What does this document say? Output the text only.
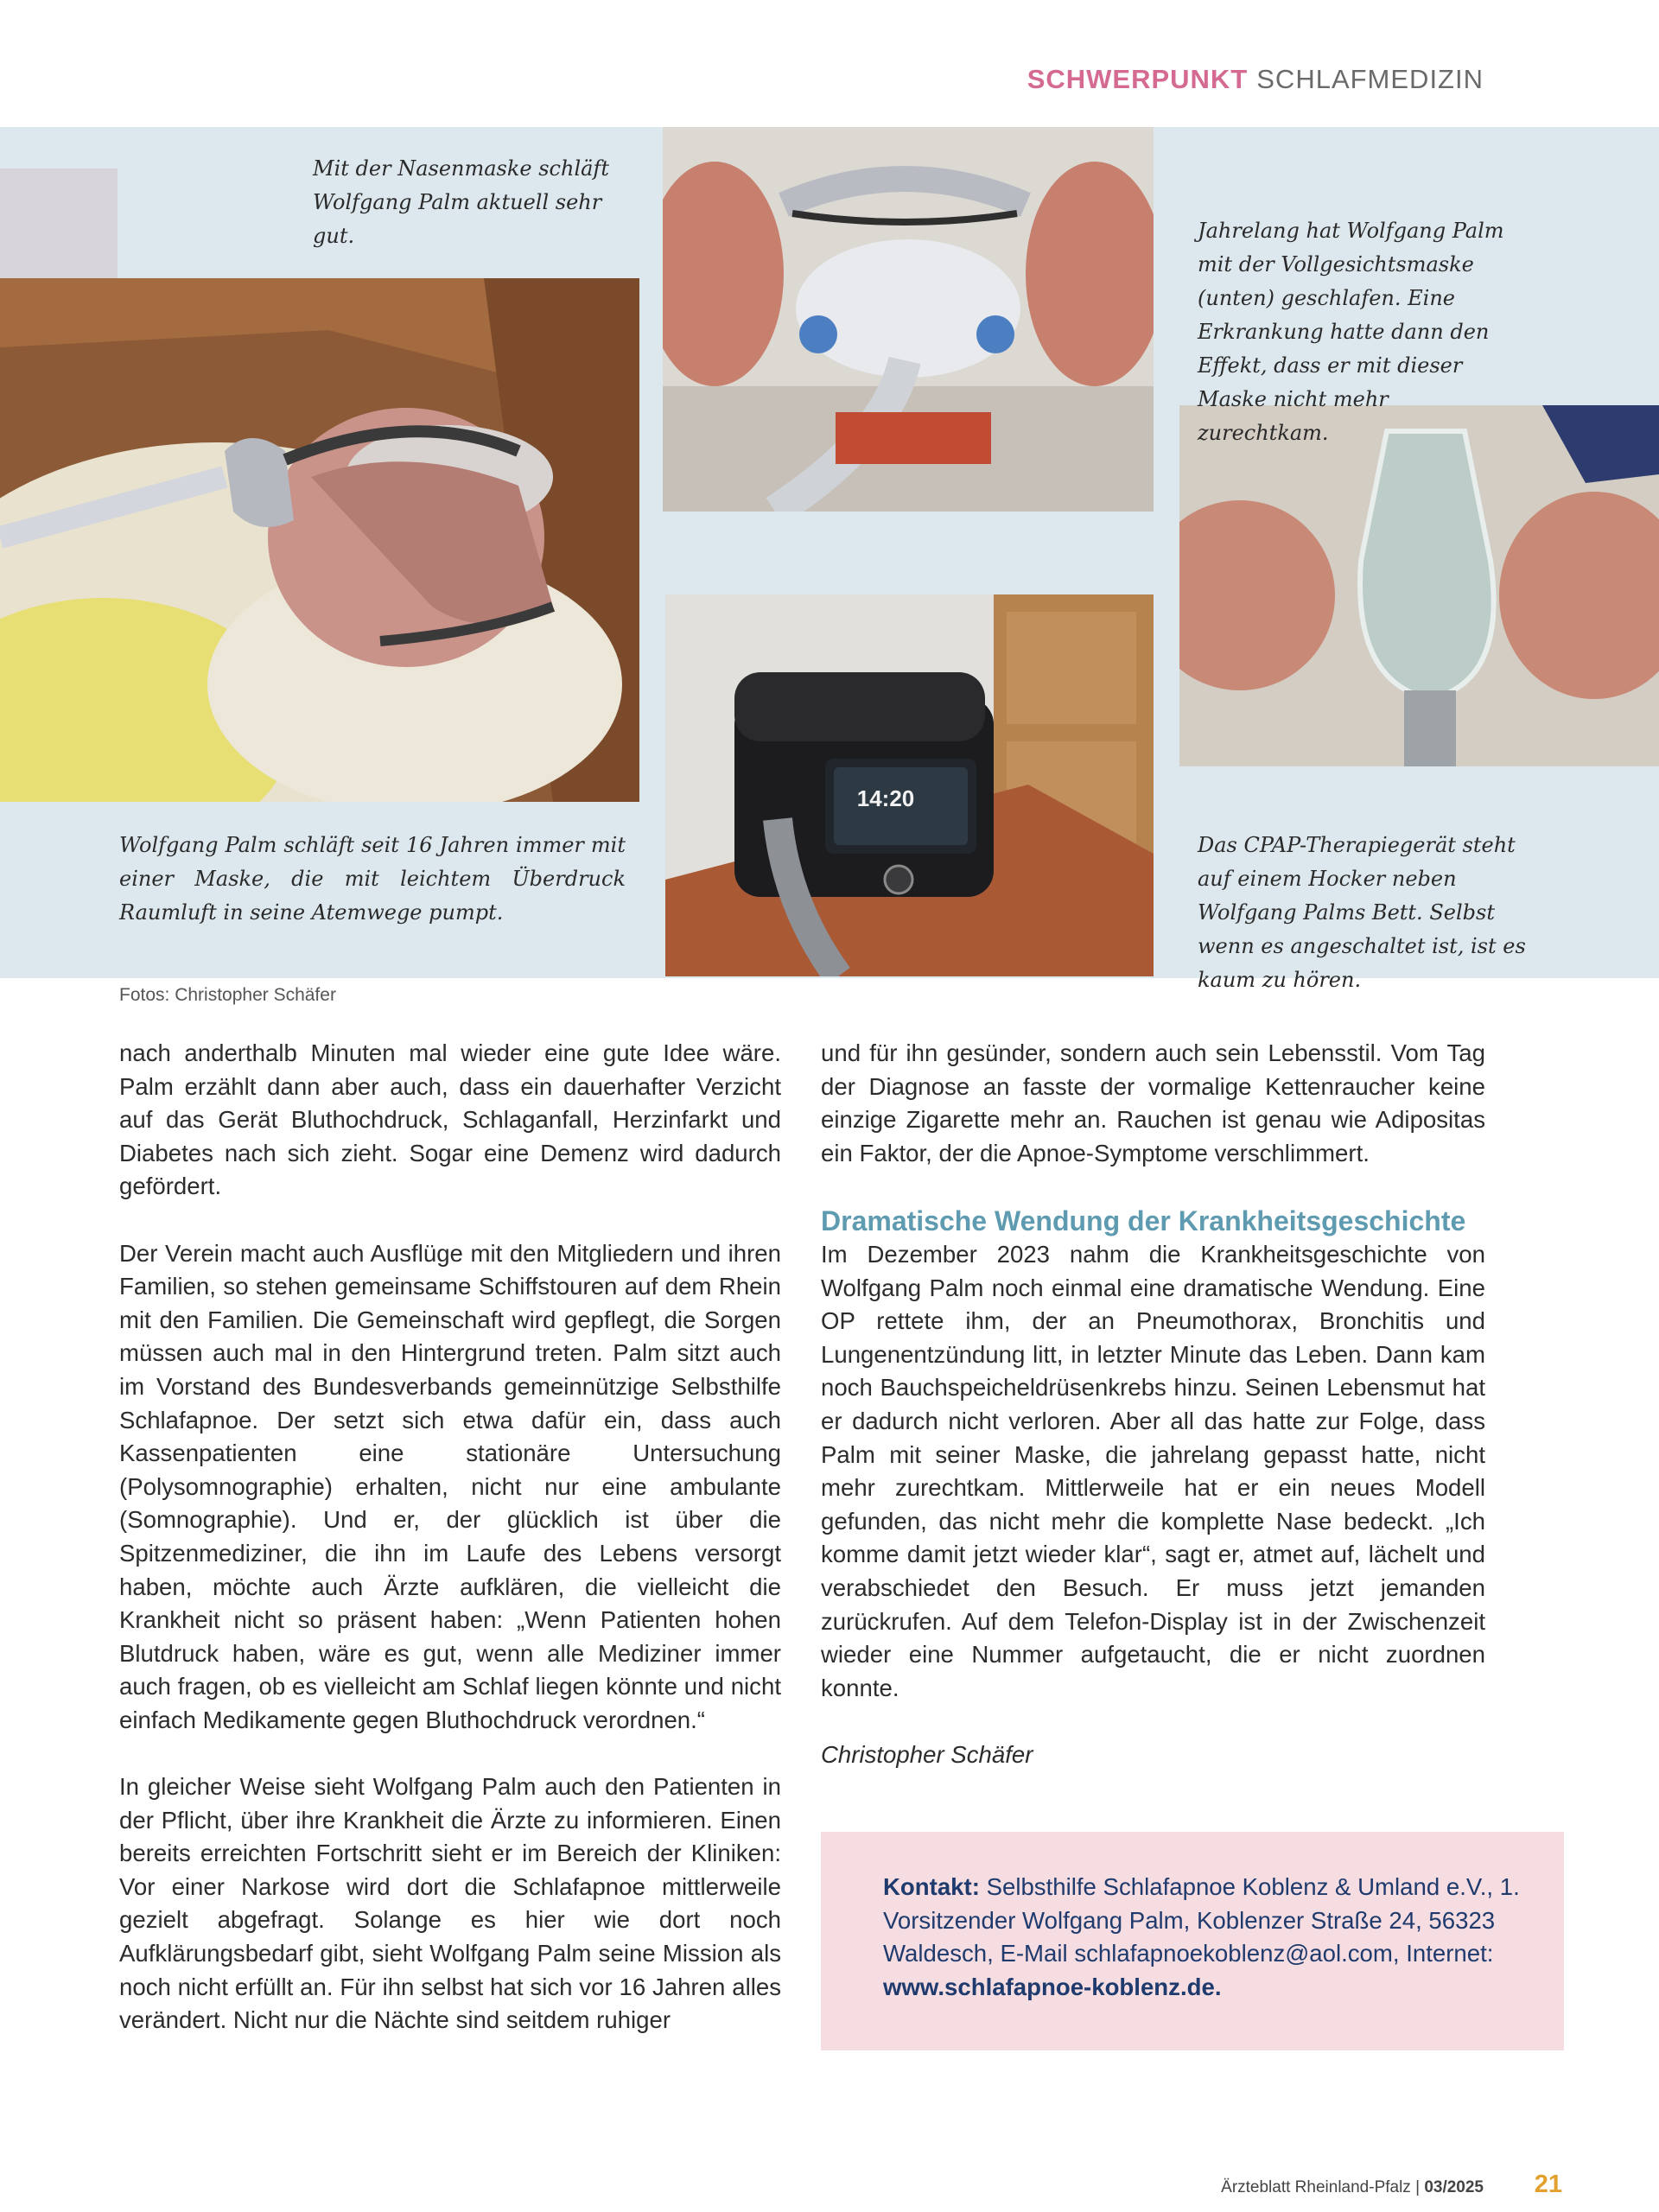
SCHWERPUNKT SCHLAFMEDIZIN
14:20
Mit der Nasenmaske schläft Wolfgang Palm aktuell sehr gut.	Jahrelang hat Wolfgang Palm mit der Vollgesichtsmaske (unten) geschlafen. Eine Erkrankung hatte dann den Effekt, dass er mit dieser Maske nicht mehr zurechtkam.
Wolfgang Palm schläft seit 16 Jahren immer mit einer Maske, die mit leichtem Überdruck Raumluft in seine Atemwege pumpt.
Das CPAP-Therapiegerät steht auf einem Hocker neben Wolfgang Palms Bett. Selbst wenn es angeschaltet ist, ist es kaum zu hören.
Fotos: Christopher Schäfer

nach anderthalb Minuten mal wieder eine gute Idee wäre. Palm erzählt dann aber auch, dass ein dauerhafter Verzicht auf das Gerät Bluthochdruck, Schlaganfall, Herzinfarkt und Diabetes nach sich zieht. Sogar eine Demenz wird dadurch gefördert.

Der Verein macht auch Ausflüge mit den Mitgliedern und ihren Familien, so stehen gemeinsame Schiffstouren auf dem Rhein mit den Familien. Die Gemeinschaft wird gepflegt, die Sorgen müssen auch mal in den Hintergrund treten. Palm sitzt auch im Vorstand des Bundesverbands gemeinnützige Selbsthilfe Schlafapnoe. Der setzt sich etwa dafür ein, dass auch Kassenpatienten eine stationäre Untersuchung (Polysomnographie) erhalten, nicht nur eine ambulante (Somnographie). Und er, der glücklich ist über die Spitzenmediziner, die ihn im Laufe des Lebens versorgt haben, möchte auch Ärzte aufklären, die vielleicht die Krankheit nicht so präsent haben: „Wenn Patienten hohen Blutdruck haben, wäre es gut, wenn alle Mediziner immer auch fragen, ob es vielleicht am Schlaf liegen könnte und nicht einfach Medikamente gegen Bluthochdruck verordnen.“

In gleicher Weise sieht Wolfgang Palm auch den Patienten in der Pflicht, über ihre Krankheit die Ärzte zu informieren. Einen bereits erreichten Fortschritt sieht er im Bereich der Kliniken: Vor einer Narkose wird dort die Schlafapnoe mittlerweile gezielt abgefragt. Solange es hier wie dort noch Aufklärungsbedarf gibt, sieht Wolfgang Palm seine Mission als noch nicht erfüllt an. Für ihn selbst hat sich vor 16 Jahren alles verändert. Nicht nur die Nächte sind seitdem ruhiger

und für ihn gesünder, sondern auch sein Lebensstil. Vom Tag der Diagnose an fasste der vormalige Kettenraucher keine einzige Zigarette mehr an. Rauchen ist genau wie Adipositas ein Faktor, der die Apnoe-Symptome verschlimmert.

Dramatische Wendung der Krankheitsgeschichte

Im Dezember 2023 nahm die Krankheitsgeschichte von Wolfgang Palm noch einmal eine dramatische Wendung. Eine OP rettete ihm, der an Pneumothorax, Bronchitis und Lungenentzündung litt, in letzter Minute das Leben. Dann kam noch Bauchspeicheldrüsenkrebs hinzu. Seinen Lebensmut hat er dadurch nicht verloren. Aber all das hatte zur Folge, dass Palm mit seiner Maske, die jahrelang gepasst hatte, nicht mehr zurechtkam. Mittlerweile hat er ein neues Modell gefunden, das nicht mehr die komplette Nase bedeckt. „Ich komme damit jetzt wieder klar“, sagt er, atmet auf, lächelt und verabschiedet den Besuch. Er muss jetzt jemanden zurückrufen. Auf dem Telefon-Display ist in der Zwischenzeit wieder eine Nummer aufgetaucht, die er nicht zuordnen konnte.

Christopher Schäfer

Kontakt: Selbsthilfe Schlafapnoe Koblenz & Umland e.V., 1. Vorsitzender Wolfgang Palm, Koblenzer Straße 24, 56323 Waldesch, E-Mail schlafapnoekoblenz@aol.com, Internet: www.schlafapnoe-koblenz.de.
Ärzteblatt Rheinland-Pfalz | 03/2025 21
